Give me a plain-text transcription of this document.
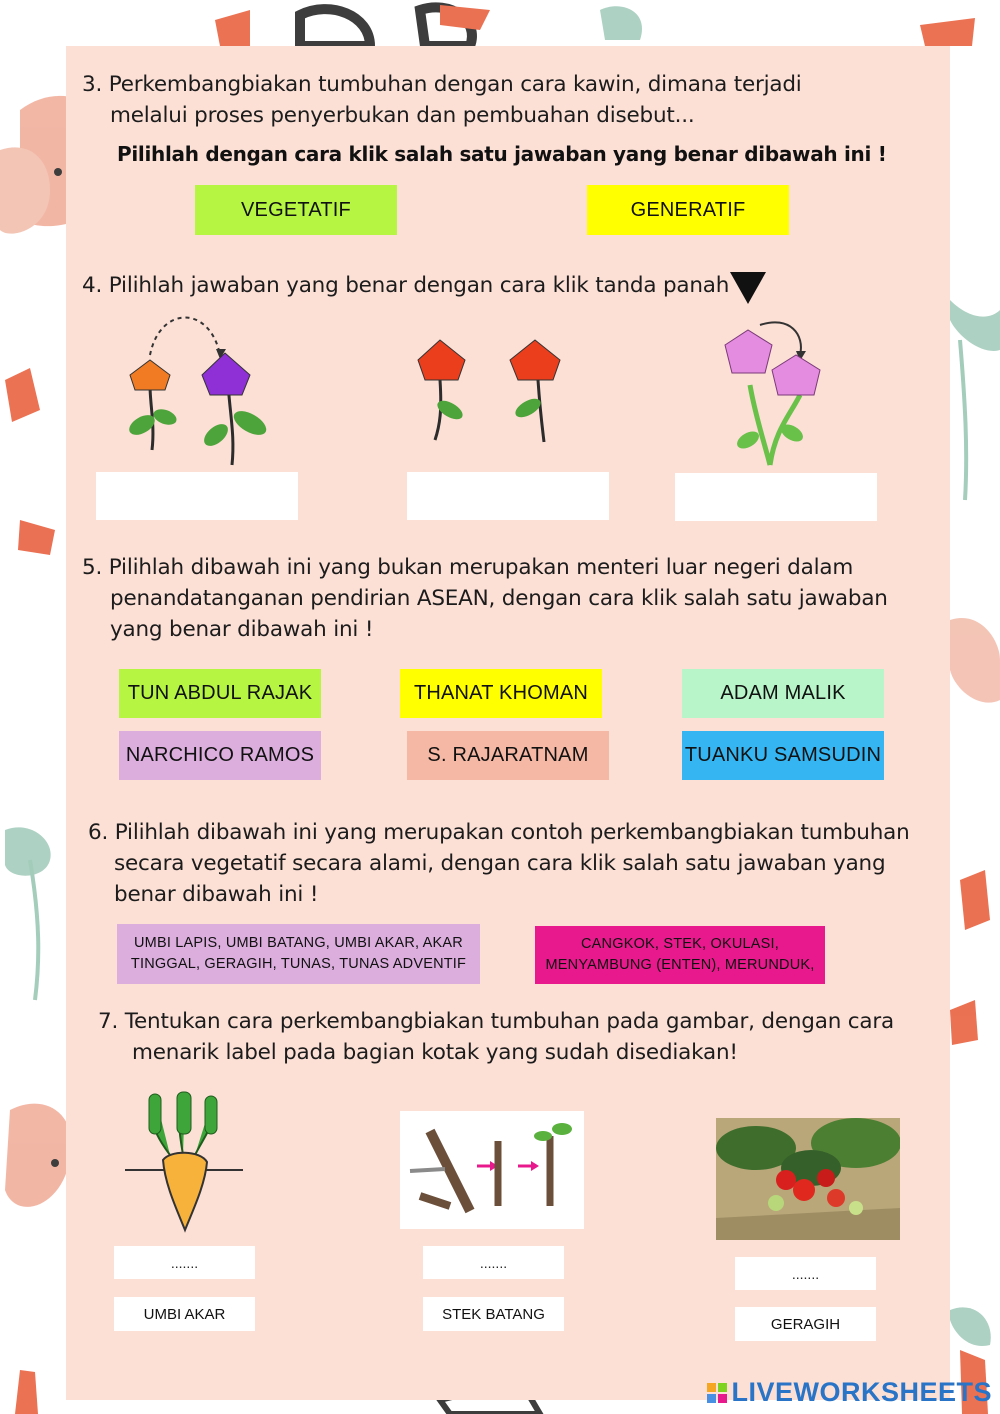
3. Perkembangbiakan tumbuhan dengan cara kawin, dimana terjadi
melalui proses penyerbukan dan pembuahan disebut...
Pilihlah dengan cara klik salah satu jawaban yang benar dibawah ini !
VEGETATIF	GENERATIF
4. Pilihlah jawaban yang benar dengan cara klik tanda panah
5. Pilihlah dibawah ini yang bukan merupakan menteri luar negeri dalam
penandatanganan pendirian ASEAN, dengan cara klik salah satu jawaban
yang benar dibawah ini !
TUN ABDUL RAJAK	THANAT KHOMAN	ADAM MALIK
NARCHICO RAMOS	S. RAJARATNAM	TUANKU SAMSUDIN
6. Pilihlah dibawah ini yang merupakan contoh perkembangbiakan tumbuhan
secara vegetatif secara alami, dengan cara klik salah satu jawaban yang
benar dibawah ini !
UMBI LAPIS, UMBI BATANG, UMBI AKAR, AKAR
TINGGAL, GERAGIH, TUNAS, TUNAS ADVENTIF
CANGKOK, STEK, OKULASI,
MENYAMBUNG (ENTEN), MERUNDUK,
7. Tentukan cara perkembangbiakan tumbuhan pada gambar, dengan cara
menarik label pada bagian kotak yang sudah disediakan!
.......
UMBI AKAR
.......
STEK BATANG
.......
GERAGIH
LIVEWORKSHEETS
